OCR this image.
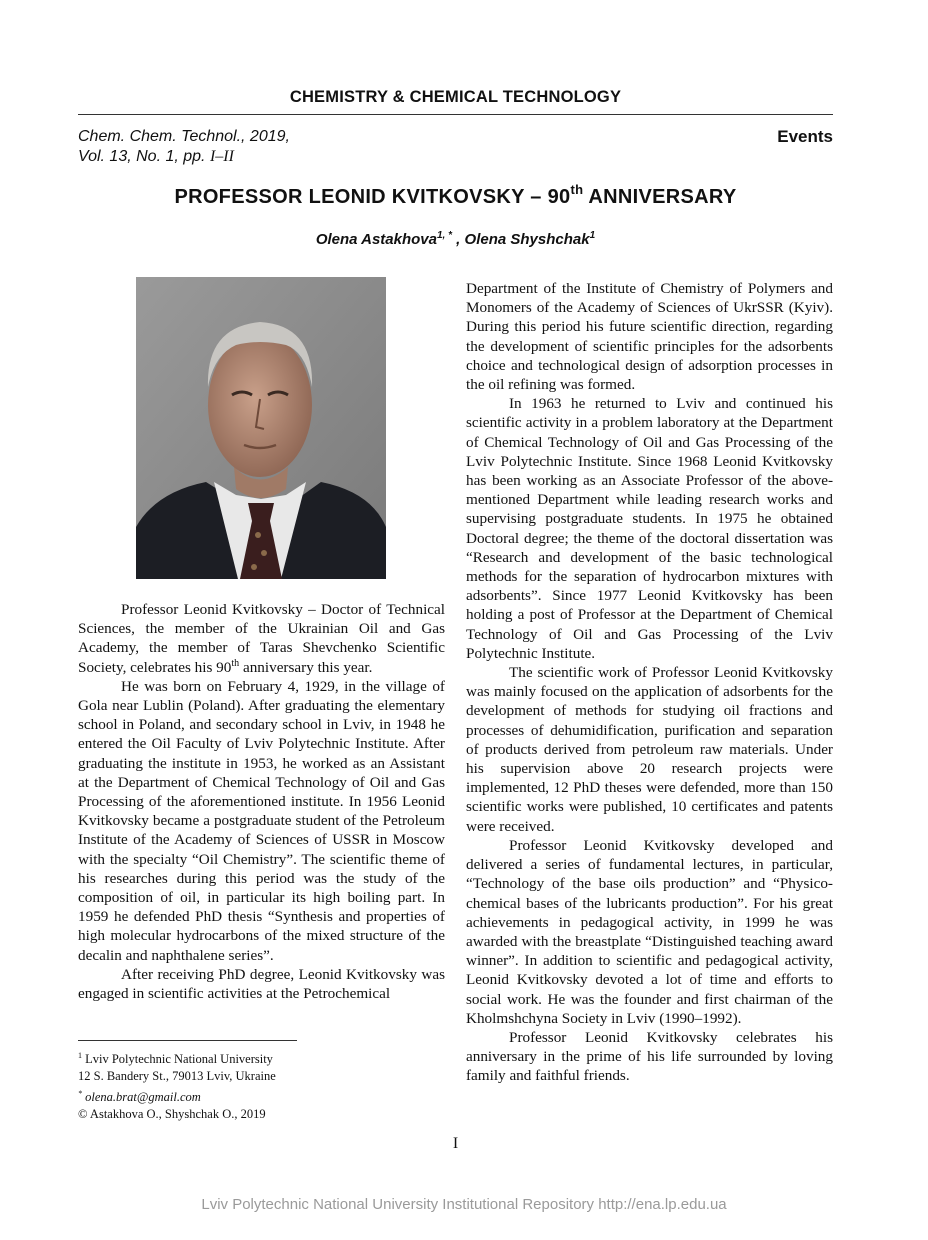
CHEMISTRY & CHEMICAL TECHNOLOGY
Chem. Chem. Technol., 2019,
Vol. 13, No. 1, pp. I–II
Events
PROFESSOR LEONID KVITKOVSKY – 90th ANNIVERSARY
Olena Astakhova$^{1, *}$ , Olena Shyshchak$^1$

Professor Leonid Kvitkovsky – Doctor of Technical Sciences, the member of the Ukrainian Oil and Gas Academy, the member of Taras Shevchenko Scientific Society, celebrates his 90th anniversary this year.

He was born on February 4, 1929, in the village of Gola near Lublin (Poland). After graduating the elementary school in Poland, and secondary school in Lviv, in 1948 he entered the Oil Faculty of Lviv Polytechnic Institute. After graduating the institute in 1953, he worked as an Assistant at the Department of Chemical Technology of Oil and Gas Processing of the aforementioned institute. In 1956 Leonid Kvitkovsky became a postgraduate student of the Petroleum Institute of the Academy of Sciences of USSR in Moscow with the specialty “Oil Chemistry”. The scientific theme of his researches during this period was the study of the composition of oil, in particular its high boiling part. In 1959 he defended PhD thesis “Synthesis and properties of high molecular hydrocarbons of the mixed structure of the decalin and naphthalene series”.

After receiving PhD degree, Leonid Kvitkovsky was engaged in scientific activities at the Petrochemical

Department of the Institute of Chemistry of Polymers and Monomers of the Academy of Sciences of UkrSSR (Kyiv). During this period his future scientific direction, regarding the development of scientific principles for the adsorbents choice and technological design of adsorption processes in the oil refining was formed.

In 1963 he returned to Lviv and continued his scientific activity in a problem laboratory at the Department of Chemical Technology of Oil and Gas Processing of the Lviv Polytechnic Institute. Since 1968 Leonid Kvitkovsky has been working as an Associate Professor of the above-mentioned Department while leading research works and supervising postgraduate students. In 1975 he obtained Doctoral degree; the theme of the doctoral dissertation was “Research and development of the basic technological methods for the separation of hydrocarbon mixtures with adsorbents”. Since 1977 Leonid Kvitkovsky has been holding a post of Professor at the Department of Chemical Technology of Oil and Gas Processing of the Lviv Polytechnic Institute.

The scientific work of Professor Leonid Kvitkovsky was mainly focused on the application of adsorbents for the development of methods for studying oil fractions and processes of dehumidification, purification and separation of products derived from petroleum raw materials. Under his supervision above 20 research projects were implemented, 12 PhD theses were defended, more than 150 scientific works were published, 10 certificates and patents were received.

Professor Leonid Kvitkovsky developed and delivered a series of fundamental lectures, in particular, “Technology of the base oils production” and “Physico-chemical bases of the lubricants production”. For his great achievements in pedagogical activity, in 1999 he was awarded with the breastplate “Distinguished teaching award winner”. In addition to scientific and pedagogical activity, Leonid Kvitkovsky devoted a lot of time and efforts to social work. He was the founder and first chairman of the Kholmshchyna Society in Lviv (1990–1992).

Professor Leonid Kvitkovsky celebrates his anniversary in the prime of his life surrounded by loving family and faithful friends.

$^1$ Lviv Polytechnic National University
12 S. Bandery St., 79013 Lviv, Ukraine
* olena.brat@gmail.com
© Astakhova O., Shyshchak O., 2019
I
Lviv Polytechnic National University Institutional Repository http://ena.lp.edu.ua
